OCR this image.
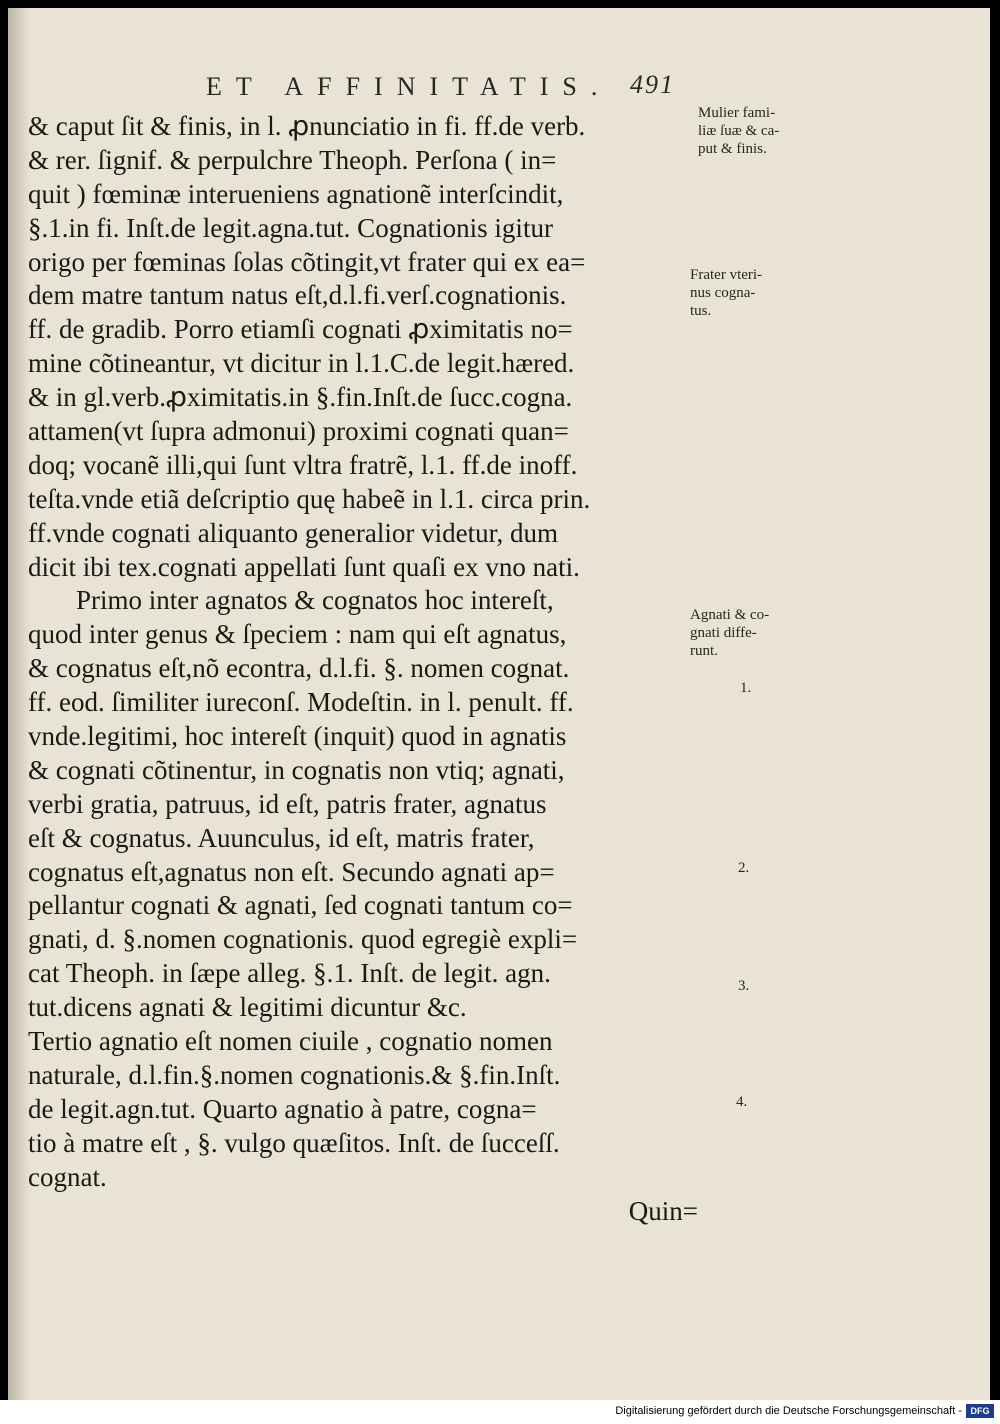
ET AFFINITATIS. 491
& caput ſit & finis, in l. ꝓnunciatio in fi. ff.de verb.
& rer. ſignif. & perpulchre Theoph. Perſona ( in=
quit ) fœminæ interueniens agnationẽ interſcindit,
§.1.in fi. Inſt.de legit.agna.tut. Cognationis igitur
origo per fœminas ſolas cõtingit,vt frater qui ex ea=
dem matre tantum natus eſt,d.l.fi.verſ.cognationis.
ff. de gradib. Porro etiamſi cognati ꝓximitatis no=
mine cõtineantur, vt dicitur in l.1.C.de legit.hæred.
& in gl.verb.ꝓximitatis.in §.fin.Inſt.de ſucc.cogna.
attamen(vt ſupra admonui) proximi cognati quan=
doq; vocanẽ illi,qui ſunt vltra fratrẽ, l.1. ff.de inoff.
teſta.vnde etiã deſcriptio quę habeẽ in l.1. circa prin.
ff.vnde cognati aliquanto generalior videtur, dum
dicit ibi tex.cognati appellati ſunt quaſi ex vno nati.
Primo inter agnatos & cognatos hoc intereſt,
quod inter genus & ſpeciem : nam qui eſt agnatus,
& cognatus eſt,nõ econtra, d.l.fi. §. nomen cognat.
ff. eod. ſimiliter iureconſ. Modeſtin. in l. penult. ff.
vnde.legitimi, hoc intereſt (inquit) quod in agnatis
& cognati cõtinentur, in cognatis non vtiq; agnati,
verbi gratia, patruus, id eſt, patris frater, agnatus
eſt & cognatus. Auunculus, id eſt, matris frater,
cognatus eſt,agnatus non eſt. Secundo agnati ap=
pellantur cognati & agnati, ſed cognati tantum co=
gnati, d. §.nomen cognationis. quod egregiè expli=
cat Theoph. in ſæpe alleg. §.1. Inſt. de legit. agn.
tut.dicens agnati & legitimi dicuntur &c.
Tertio agnatio eſt nomen ciuile , cognatio nomen
naturale, d.l.fin.§.nomen cognationis.& §.fin.Inſt.
de legit.agn.tut. Quarto agnatio à patre, cogna=
tio à matre eſt , §. vulgo quæſitos. Inſt. de ſucceſſ.
cognat.
Quin=
Mulier fami-
liæ ſuæ & ca-
put & finis.
Frater vteri-
nus cogna-
tus.
Agnati & co-
gnati diffe-
runt.
1.
2.
3.
4.
Digitalisierung gefördert durch die Deutsche Forschungsgemeinschaft - DFG
